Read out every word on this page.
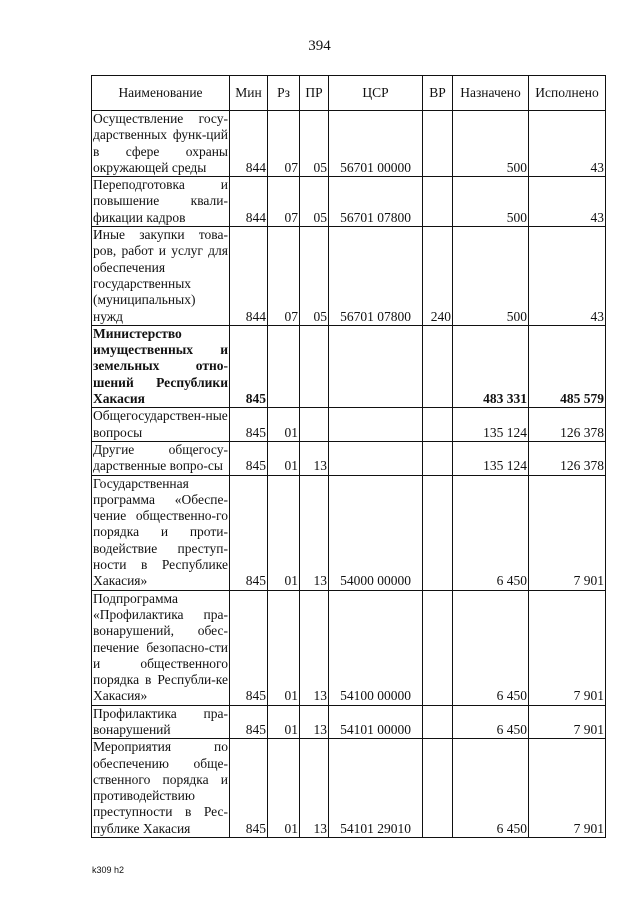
394
Наименование	Мин	Рз	ПР	ЦСР	ВР	Назначено	Исполнено
Осуществление госу-дарственных функ-ций в сфере охраны окружающей среды	844	07	05	56701 00000		500	43
Переподготовка и повышение квали-фикации кадров	844	07	05	56701 07800		500	43
Иные закупки това-ров, работ и услуг для обеспечения государственных (муниципальных) нужд	844	07	05	56701 07800	240	500	43
Министерство имущественных и земельных отно-шений Республики Хакасия	845					483 331	485 579
Общегосударствен-ные вопросы	845	01				135 124	126 378
Другие общегосу-дарственные вопро-сы	845	01	13			135 124	126 378
Государственная программа «Обеспе-чение общественно-го порядка и проти-водействие преступ-ности в Республике Хакасия»	845	01	13	54000 00000		6 450	7 901
Подпрограмма «Профилактика пра-вонарушений, обес-печение безопасно-сти и общественного порядка в Республи-ке Хакасия»	845	01	13	54100 00000		6 450	7 901
Профилактика пра-вонарушений	845	01	13	54101 00000		6 450	7 901
Мероприятия по обеспечению обще-ственного порядка и противодействию преступности в Рес-публике Хакасия	845	01	13	54101 29010		6 450	7 901
k309 h2
